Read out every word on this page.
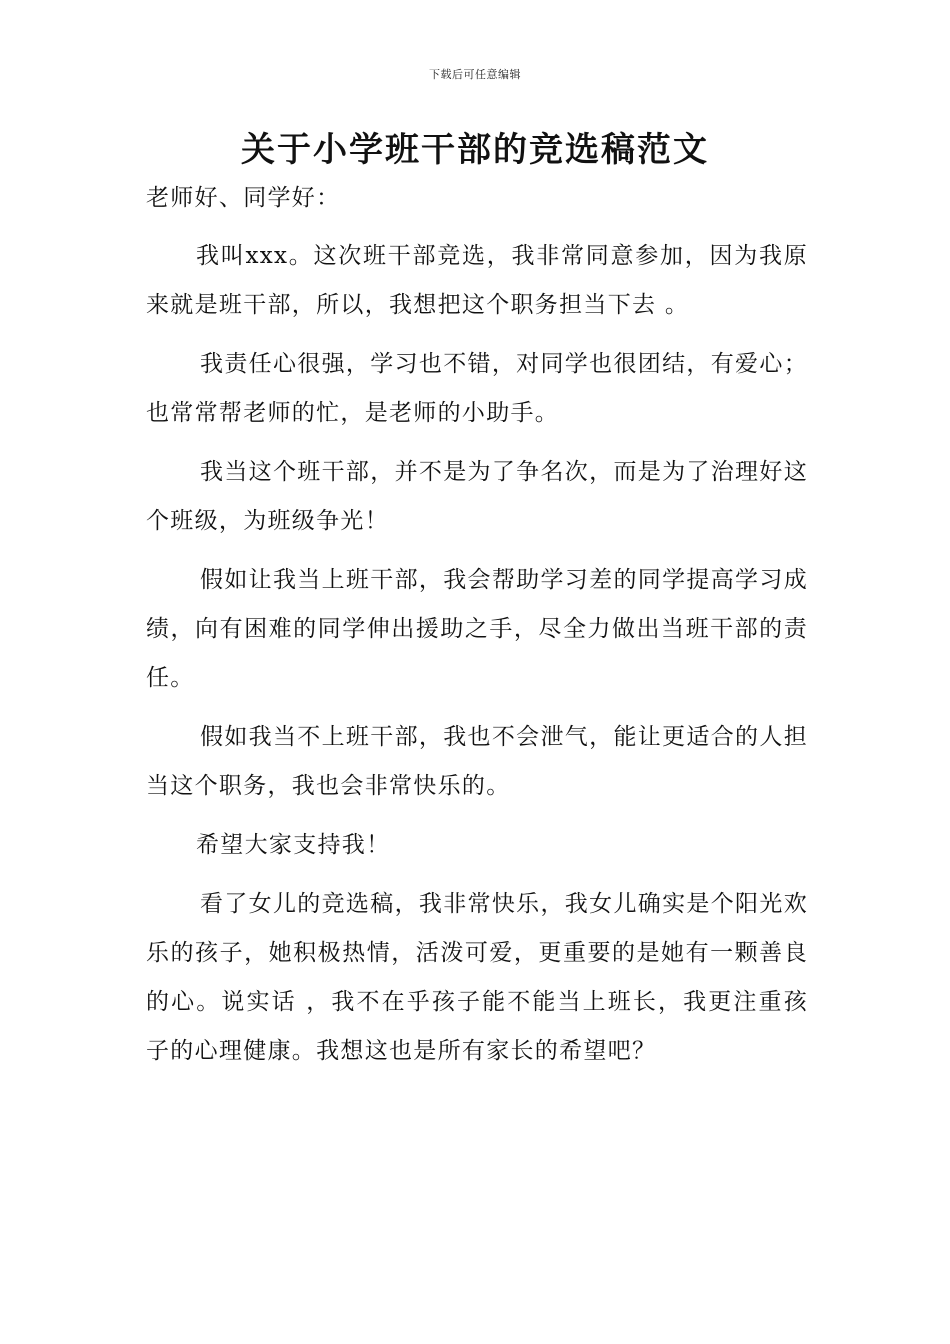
下载后可任意编辑
关于小学班干部的竞选稿范文

老师好、同学好：

我叫xxx。这次班干部竞选，我非常同意参加，因为我原来就是班干部，所以，我想把这个职务担当下去 。

我责任心很强，学习也不错，对同学也很团结，有爱心；也常常帮老师的忙，是老师的小助手。

我当这个班干部，并不是为了争名次，而是为了治理好这个班级，为班级争光！

假如让我当上班干部，我会帮助学习差的同学提高学习成绩，向有困难的同学伸出援助之手，尽全力做出当班干部的责任。

假如我当不上班干部，我也不会泄气，能让更适合的人担当这个职务，我也会非常快乐的。

希望大家支持我！

看了女儿的竞选稿，我非常快乐，我女儿确实是个阳光欢乐的孩子，她积极热情，活泼可爱，更重要的是她有一颗善良的心。说实话 ，我不在乎孩子能不能当上班长，我更注重孩子的心理健康。我想这也是所有家长的希望吧？
